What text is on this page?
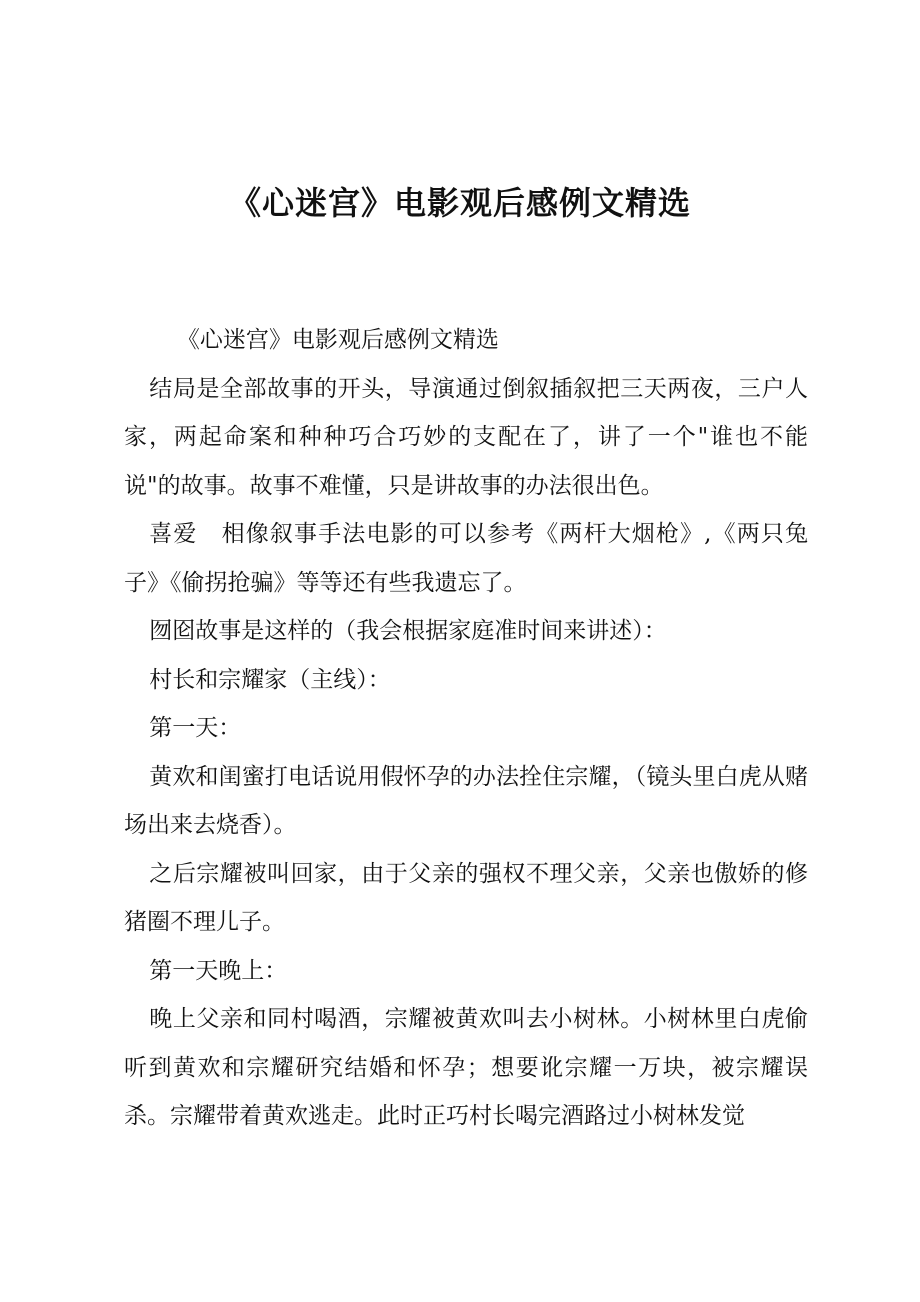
《心迷宫》电影观后感例文精选

《心迷宫》电影观后感例文精选

结局是全部故事的开头，导演通过倒叙插叙把三天两夜，三户人家，两起命案和种种巧合巧妙的支配在了，讲了一个"谁也不能说"的故事。故事不难懂，只是讲故事的办法很出色。

喜爱　相像叙事手法电影的可以参考《两杆大烟枪》,《两只兔子》《偷拐抢骗》等等还有些我遗忘了。

囫囵故事是这样的（我会根据家庭准时间来讲述）：

村长和宗耀家（主线）：

第一天：

黄欢和闺蜜打电话说用假怀孕的办法拴住宗耀，（镜头里白虎从赌场出来去烧香）。

之后宗耀被叫回家，由于父亲的强权不理父亲，父亲也傲娇的修猪圈不理儿子。

第一天晚上：

晚上父亲和同村喝酒，宗耀被黄欢叫去小树林。小树林里白虎偷听到黄欢和宗耀研究结婚和怀孕；想要讹宗耀一万块，被宗耀误杀。宗耀带着黄欢逃走。此时正巧村长喝完酒路过小树林发觉
